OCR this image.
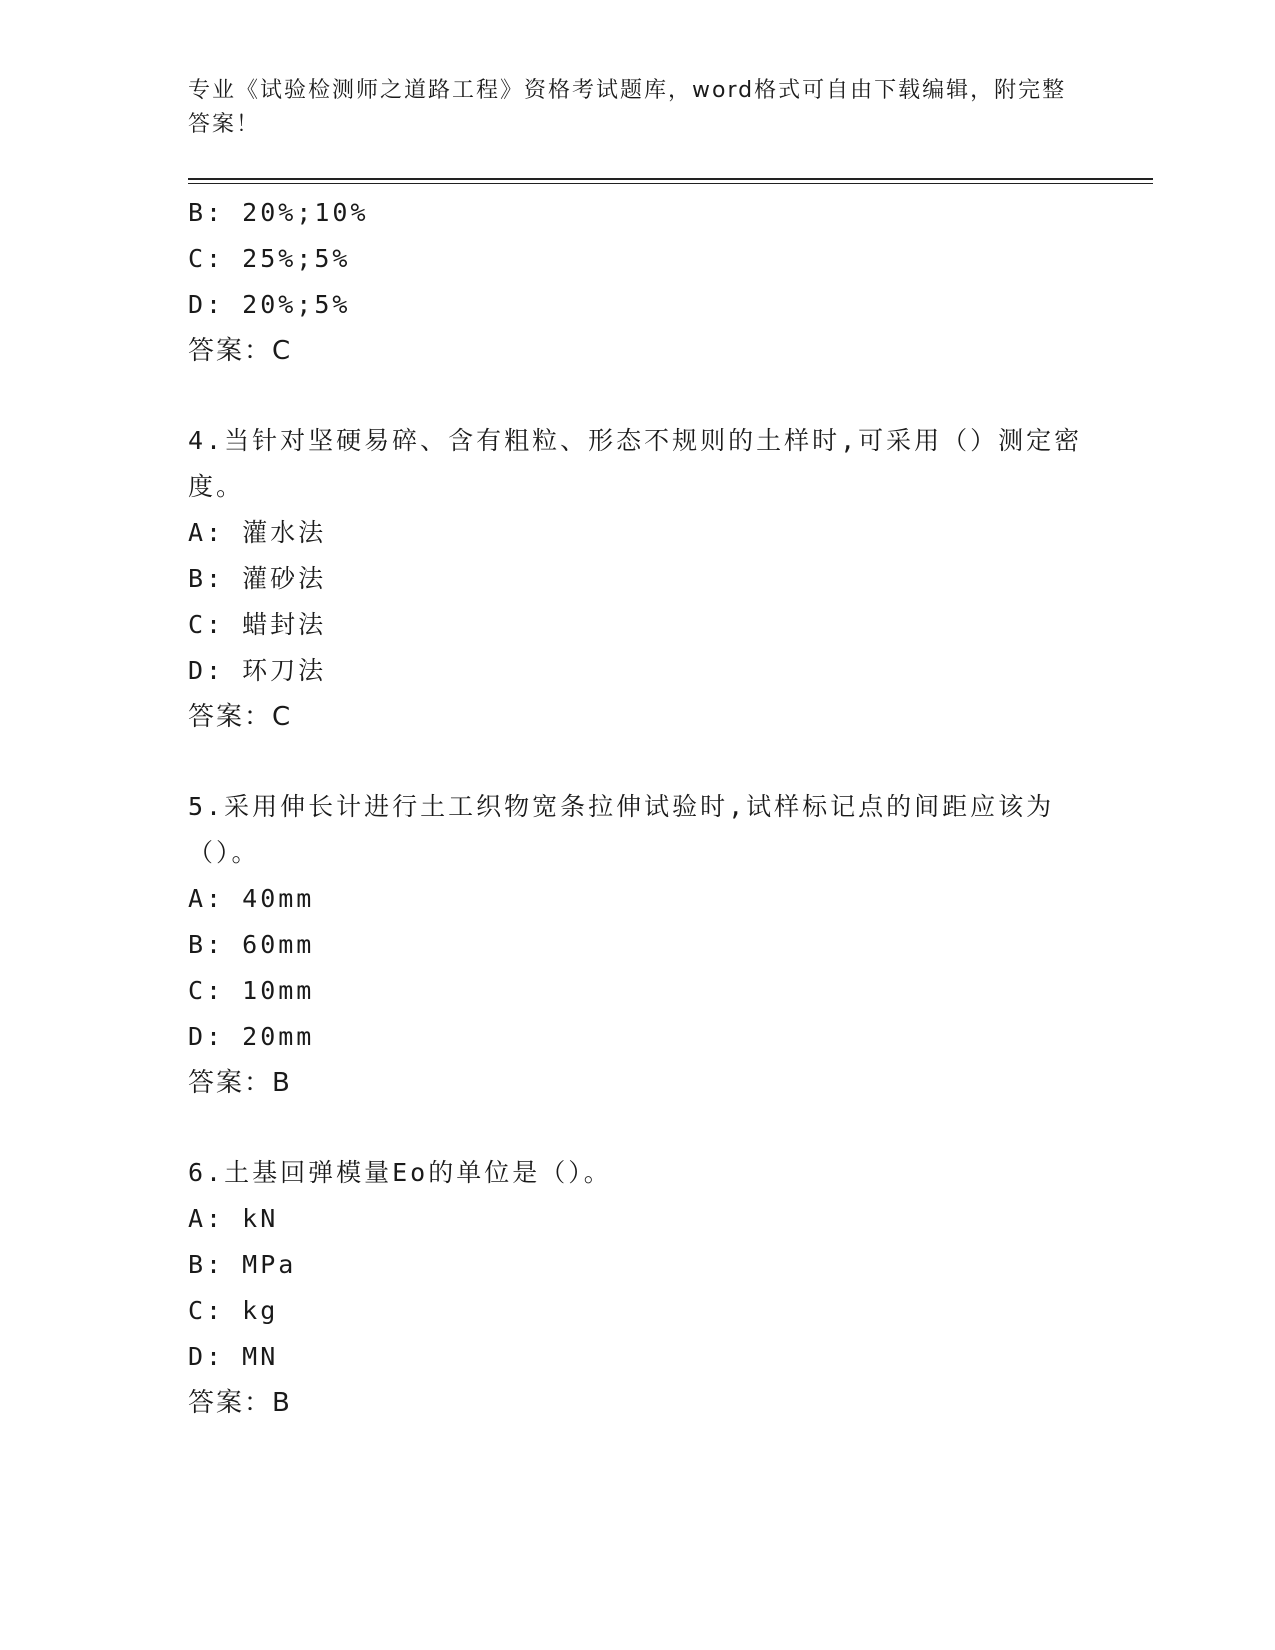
专业《试验检测师之道路工程》资格考试题库，word格式可自由下载编辑，附完整答案！
B: 20%;10%
C: 25%;5%
D: 20%;5%
答案：C
4.当针对坚硬易碎、含有粗粒、形态不规则的土样时,可采用（）测定密度。
A: 灌水法
B: 灌砂法
C: 蜡封法
D: 环刀法
答案：C
5.采用伸长计进行土工织物宽条拉伸试验时,试样标记点的间距应该为（）。
A: 40mm
B: 60mm
C: 10mm
D: 20mm
答案：B
6.土基回弹模量Eo的单位是（）。
A: kN
B: MPa
C: kg
D: MN
答案：B
